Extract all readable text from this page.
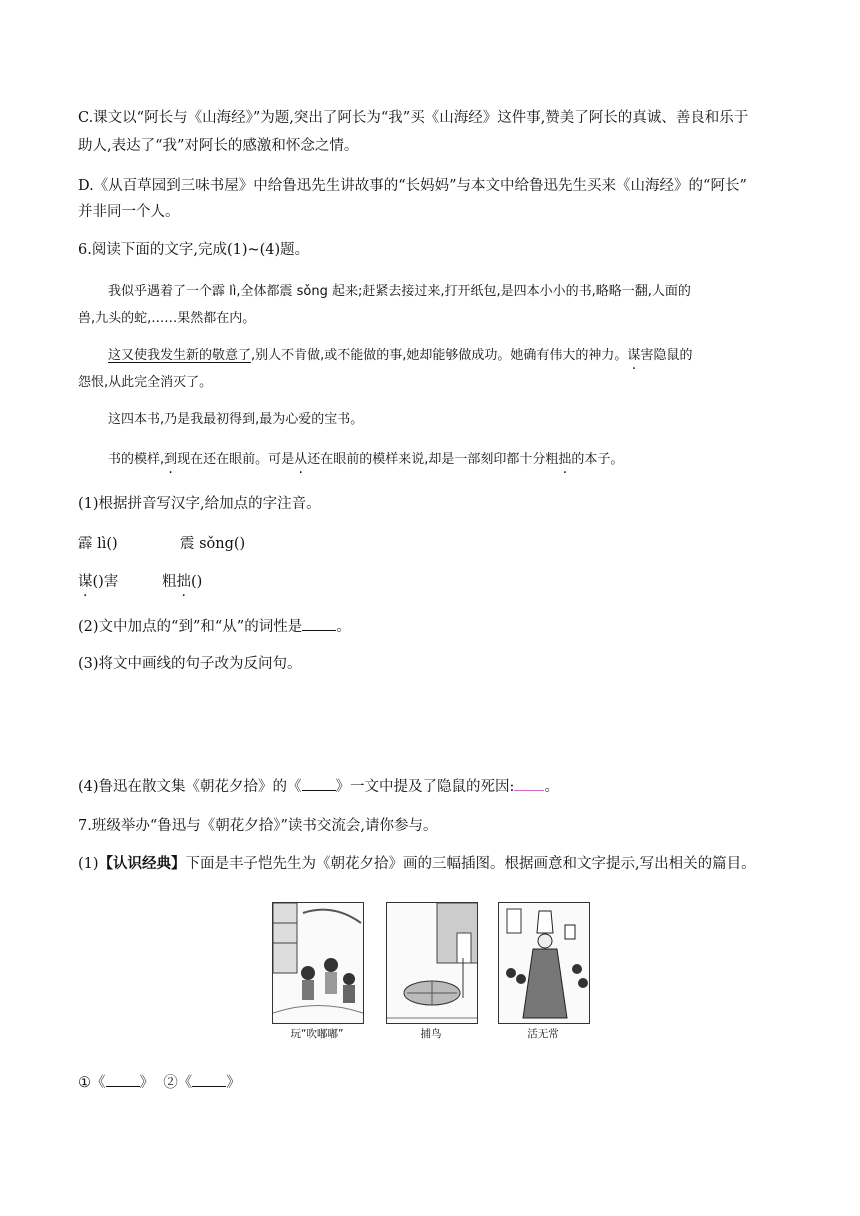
C.课文以“阿长与《山海经》”为题,突出了阿长为“我”买《山海经》这件事,赞美了阿长的真诚、善良和乐于
助人,表达了“我”对阿长的感激和怀念之情。
D.《从百草园到三味书屋》中给鲁迅先生讲故事的“长妈妈”与本文中给鲁迅先生买来《山海经》的“阿长”
并非同一个人。
6.阅读下面的文字,完成(1)~(4)题。
我似乎遇着了一个霹 lì,全体都震 sǒng 起来;赶紧去接过来,打开纸包,是四本小小的书,略略一翻,人面的
兽,九头的蛇,……果然都在内。
这又使我发生新的敬意了,别人不肯做,或不能做的事,她却能够做成功。她确有伟大的神力。谋害隐鼠的
怨恨,从此完全消灭了。
这四本书,乃是我最初得到,最为心爱的宝书。
书的模样,到现在还在眼前。可是从还在眼前的模样来说,却是一部刻印都十分粗拙的本子。
(1)根据拼音写汉字,给加点的字注音。
霹 lì()	震 sǒng()
谋()害	粗拙()
(2)文中加点的“到”和“从”的词性是 。
(3)将文中画线的句子改为反问句。
(4)鲁迅在散文集《朝花夕拾》的《 》一文中提及了隐鼠的死因: 。
7.班级举办“鲁迅与《朝花夕拾》”读书交流会,请你参与。
(1)【认识经典】下面是丰子恺先生为《朝花夕拾》画的三幅插图。根据画意和文字提示,写出相关的篇目。
玩“吹嘟嘟”	捕鸟	活无常
①《 》 ②《 》
